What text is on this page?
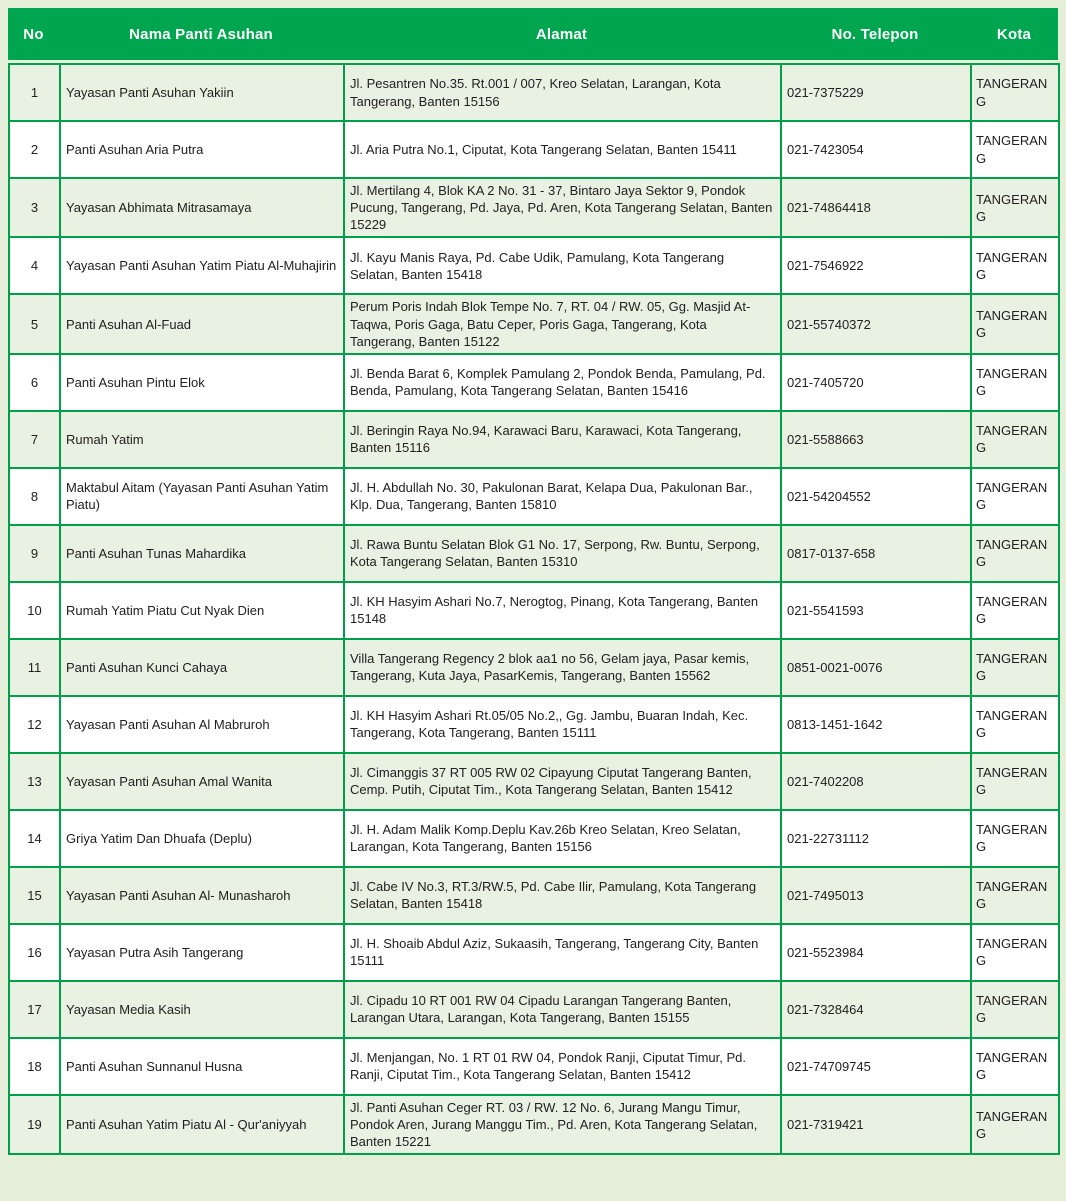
No	Nama Panti Asuhan	Alamat	No. Telepon	Kota
1	Yayasan Panti Asuhan Yakiin	Jl. Pesantren No.35. Rt.001 / 007, Kreo Selatan, Larangan, Kota Tangerang, Banten 15156	021-7375229	TANGERANG
2	Panti Asuhan Aria Putra	Jl. Aria Putra No.1, Ciputat, Kota Tangerang Selatan, Banten 15411	021-7423054	TANGERANG
3	Yayasan Abhimata Mitrasamaya	Jl. Mertilang 4, Blok KA 2 No. 31 - 37, Bintaro Jaya Sektor 9, Pondok Pucung, Tangerang, Pd. Jaya, Pd. Aren, Kota Tangerang Selatan, Banten 15229	021-74864418	TANGERANG
4	Yayasan Panti Asuhan Yatim Piatu Al-Muhajirin	Jl. Kayu Manis Raya, Pd. Cabe Udik, Pamulang, Kota Tangerang Selatan, Banten 15418	021-7546922	TANGERANG
5	Panti Asuhan Al-Fuad	Perum Poris Indah Blok Tempe No. 7, RT. 04 / RW. 05, Gg. Masjid At-Taqwa, Poris Gaga, Batu Ceper, Poris Gaga, Tangerang, Kota Tangerang, Banten 15122	021-55740372	TANGERANG
6	Panti Asuhan Pintu Elok	Jl. Benda Barat 6, Komplek Pamulang 2, Pondok Benda, Pamulang, Pd. Benda, Pamulang, Kota Tangerang Selatan, Banten 15416	021-7405720	TANGERANG
7	Rumah Yatim	Jl. Beringin Raya No.94, Karawaci Baru, Karawaci, Kota Tangerang, Banten 15116	021-5588663	TANGERANG
8	Maktabul Aitam (Yayasan Panti Asuhan Yatim Piatu)	Jl. H. Abdullah No. 30, Pakulonan Barat, Kelapa Dua, Pakulonan Bar., Klp. Dua, Tangerang, Banten 15810	021-54204552	TANGERANG
9	Panti Asuhan Tunas Mahardika	Jl. Rawa Buntu Selatan Blok G1 No. 17, Serpong, Rw. Buntu, Serpong, Kota Tangerang Selatan, Banten 15310	0817-0137-658	TANGERANG
10	Rumah Yatim Piatu Cut Nyak Dien	Jl. KH Hasyim Ashari No.7, Nerogtog, Pinang, Kota Tangerang, Banten 15148	021-5541593	TANGERANG
11	Panti Asuhan Kunci Cahaya	Villa Tangerang Regency 2 blok aa1 no 56, Gelam jaya, Pasar kemis, Tangerang, Kuta Jaya, PasarKemis, Tangerang, Banten 15562	0851-0021-0076	TANGERANG
12	Yayasan Panti Asuhan Al Mabruroh	Jl. KH Hasyim Ashari Rt.05/05 No.2,, Gg. Jambu, Buaran Indah, Kec. Tangerang, Kota Tangerang, Banten 15111	0813-1451-1642	TANGERANG
13	Yayasan Panti Asuhan Amal Wanita	Jl. Cimanggis 37 RT 005 RW 02 Cipayung Ciputat Tangerang Banten, Cemp. Putih, Ciputat Tim., Kota Tangerang Selatan, Banten 15412	021-7402208	TANGERANG
14	Griya Yatim Dan Dhuafa (Deplu)	Jl. H. Adam Malik Komp.Deplu Kav.26b Kreo Selatan, Kreo Selatan, Larangan, Kota Tangerang, Banten 15156	021-22731112	TANGERANG
15	Yayasan Panti Asuhan Al- Munasharoh	Jl. Cabe IV No.3, RT.3/RW.5, Pd. Cabe Ilir, Pamulang, Kota Tangerang Selatan, Banten 15418	021-7495013	TANGERANG
16	Yayasan Putra Asih Tangerang	Jl. H. Shoaib Abdul Aziz, Sukaasih, Tangerang, Tangerang City, Banten 15111	021-5523984	TANGERANG
17	Yayasan Media Kasih	Jl. Cipadu 10 RT 001 RW 04 Cipadu Larangan Tangerang Banten, Larangan Utara, Larangan, Kota Tangerang, Banten 15155	021-7328464	TANGERANG
18	Panti Asuhan Sunnanul Husna	Jl. Menjangan, No. 1 RT 01 RW 04, Pondok Ranji, Ciputat Timur, Pd. Ranji, Ciputat Tim., Kota Tangerang Selatan, Banten 15412	021-74709745	TANGERANG
19	Panti Asuhan Yatim Piatu Al - Qur'aniyyah	Jl. Panti Asuhan Ceger RT. 03 / RW. 12 No. 6, Jurang Mangu Timur, Pondok Aren, Jurang Manggu Tim., Pd. Aren, Kota Tangerang Selatan, Banten 15221	021-7319421	TANGERANG
